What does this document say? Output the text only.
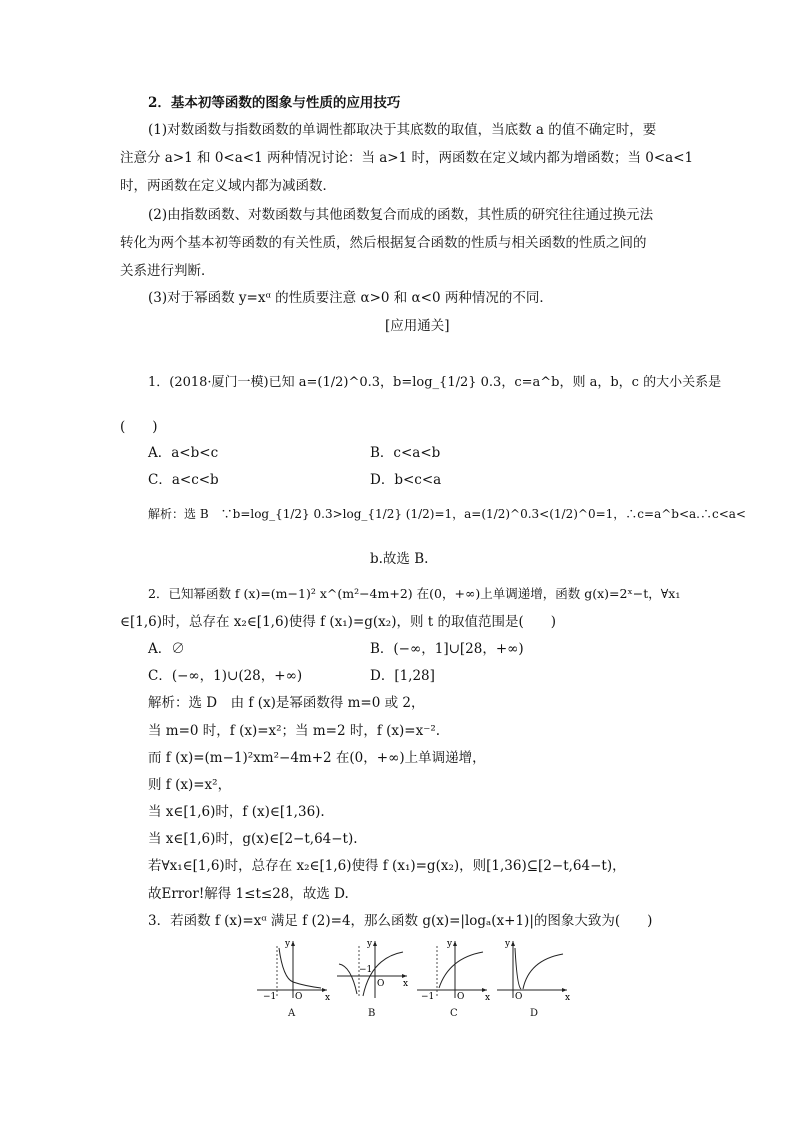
2．基本初等函数的图象与性质的应用技巧
(1)对数函数与指数函数的单调性都取决于其底数的取值，当底数 a 的值不确定时，要
注意分 a>1 和 0<a<1 两种情况讨论：当 a>1 时，两函数在定义域内都为增函数；当 0<a<1
时，两函数在定义域内都为减函数．
(2)由指数函数、对数函数与其他函数复合而成的函数，其性质的研究往往通过换元法
转化为两个基本初等函数的有关性质，然后根据复合函数的性质与相关函数的性质之间的
关系进行判断．
(3)对于幂函数 y=xᵅ 的性质要注意 α>0 和 α<0 两种情况的不同．
[应用通关]
1．(2018·厦门一模)已知 a=(1/2)^0.3，b=log_{1/2} 0.3，c=a^b，则 a，b，c 的大小关系是
(　　)
A．a<b<c	B．c<a<b
C．a<c<b	D．b<c<a
解析：选 B　∵b=log_{1/2} 0.3>log_{1/2} (1/2)=1，a=(1/2)^0.3<(1/2)^0=1，∴c=a^b<a.∴c<a<
b.故选 B.
2．已知幂函数 f (x)=(m−1)² x^(m²−4m+2) 在(0，+∞)上单调递增，函数 g(x)=2ˣ−t，∀x₁
∈[1,6)时，总存在 x₂∈[1,6)使得 f (x₁)=g(x₂)，则 t 的取值范围是(　　)
A．∅	B．(−∞，1]∪[28，+∞)
C．(−∞，1)∪(28，+∞)	D．[1,28]
解析：选 D　由 f (x)是幂函数得 m=0 或 2，
当 m=0 时，f (x)=x²；当 m=2 时，f (x)=x⁻².
而 f (x)=(m−1)²xm²−4m+2 在(0，+∞)上单调递增，
则 f (x)=x²，
当 x∈[1,6)时，f (x)∈[1,36).
当 x∈[1,6)时，g(x)∈[2−t,64−t).
若∀x₁∈[1,6)时，总存在 x₂∈[1,6)使得 f (x₁)=g(x₂)，则[1,36)⊆[2−t,64−t)，
故Error!解得 1≤t≤28，故选 D.
3．若函数 f (x)=xᵅ 满足 f (2)=4，那么函数 g(x)=|logₐ(x+1)|的图象大致为(　　)
y
x
O
−1
A
y
x
O
−1
B
y
x
O
−1
C
y
x
O
D
